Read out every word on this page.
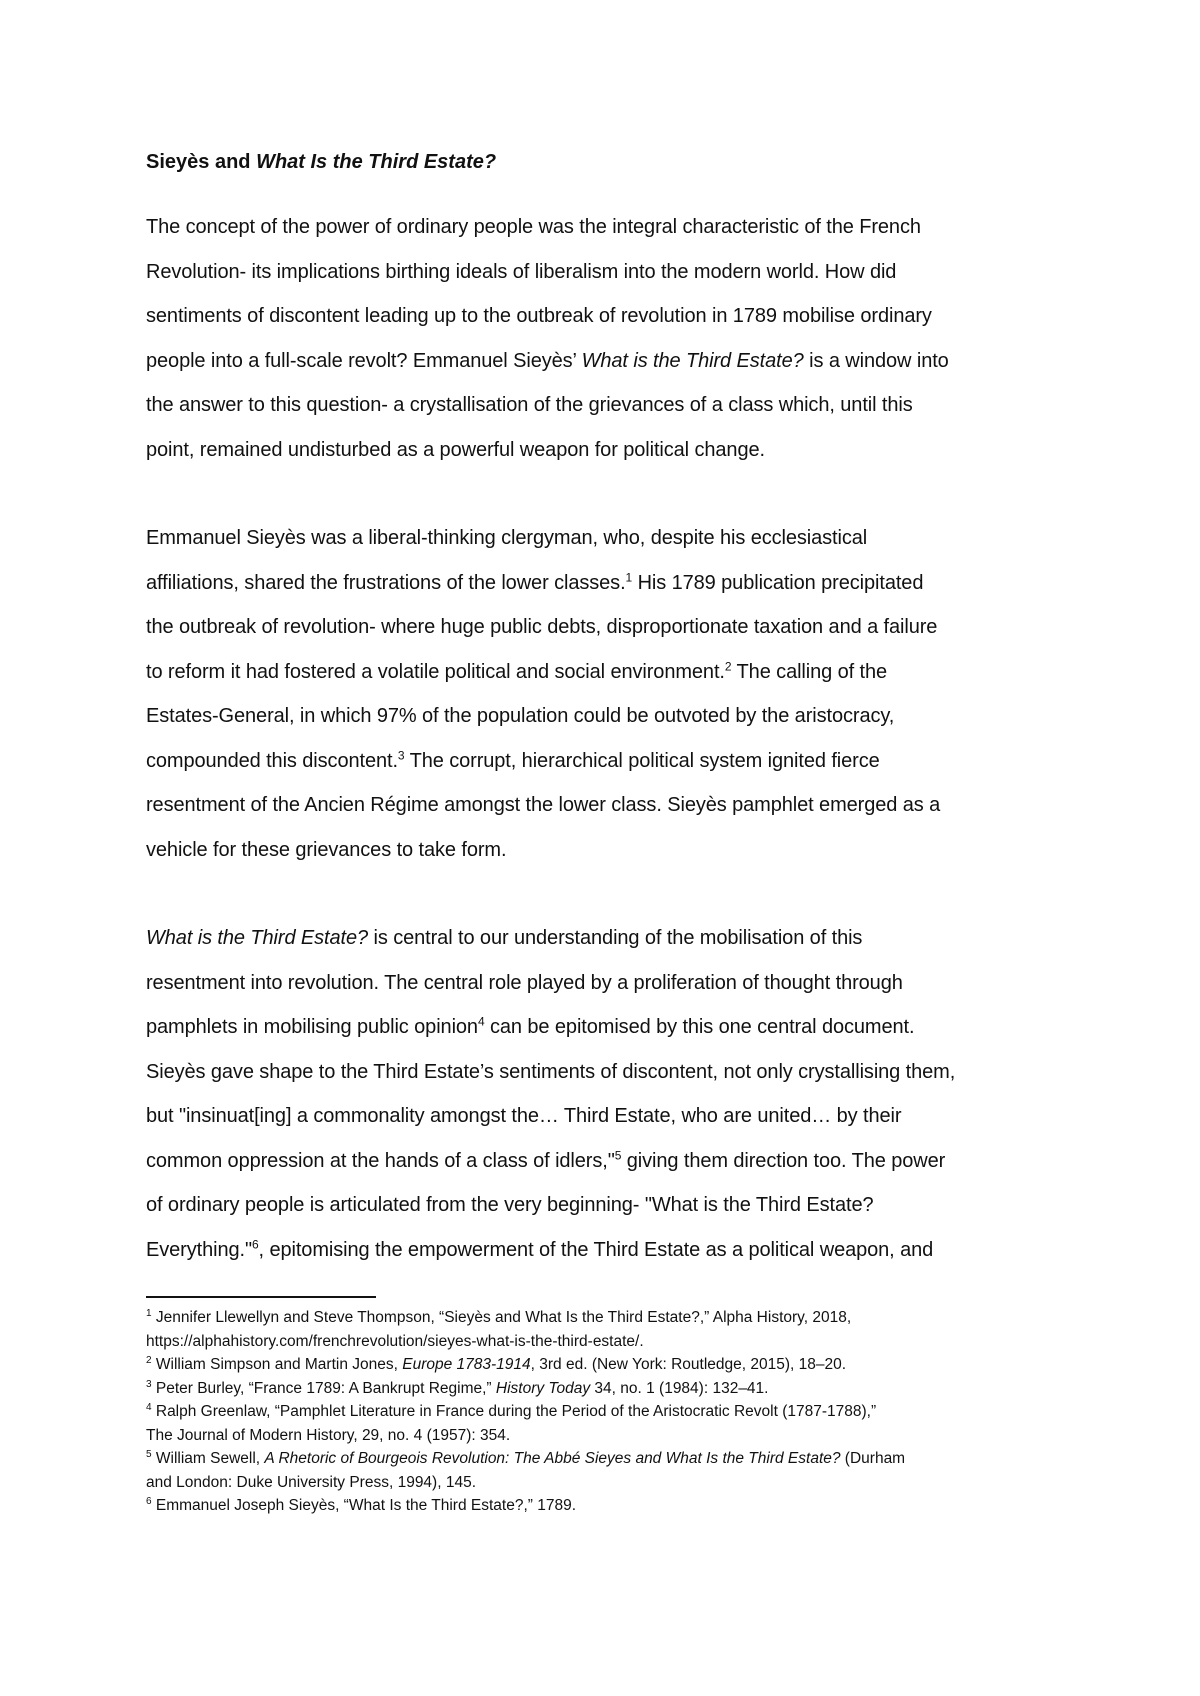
Sieyès and What Is the Third Estate?

The concept of the power of ordinary people was the integral characteristic of the French
Revolution- its implications birthing ideals of liberalism into the modern world. How did
sentiments of discontent leading up to the outbreak of revolution in 1789 mobilise ordinary
people into a full-scale revolt? Emmanuel Sieyès’ What is the Third Estate? is a window into
the answer to this question- a crystallisation of the grievances of a class which, until this
point, remained undisturbed as a powerful weapon for political change.

Emmanuel Sieyès was a liberal-thinking clergyman, who, despite his ecclesiastical
affiliations, shared the frustrations of the lower classes.$^1$ His 1789 publication precipitated
the outbreak of revolution- where huge public debts, disproportionate taxation and a failure
to reform it had fostered a volatile political and social environment.$^2$ The calling of the
Estates-General, in which 97% of the population could be outvoted by the aristocracy,
compounded this discontent.$^3$ The corrupt, hierarchical political system ignited fierce
resentment of the Ancien Régime amongst the lower class. Sieyès pamphlet emerged as a
vehicle for these grievances to take form.

What is the Third Estate? is central to our understanding of the mobilisation of this
resentment into revolution. The central role played by a proliferation of thought through
pamphlets in mobilising public opinion$^4$ can be epitomised by this one central document.
Sieyès gave shape to the Third Estate’s sentiments of discontent, not only crystallising them,
but "insinuat[ing] a commonality amongst the… Third Estate, who are united… by their
common oppression at the hands of a class of idlers,"$^5$ giving them direction too. The power
of ordinary people is articulated from the very beginning- "What is the Third Estate?
Everything."$^6$, epitomising the empowerment of the Third Estate as a political weapon, and

$^1$ Jennifer Llewellyn and Steve Thompson, “Sieyès and What Is the Third Estate?,” Alpha History, 2018,
https://alphahistory.com/frenchrevolution/sieyes-what-is-the-third-estate/.
$^2$ William Simpson and Martin Jones, Europe 1783-1914, 3rd ed. (New York: Routledge, 2015), 18–20.
$^3$ Peter Burley, “France 1789: A Bankrupt Regime,” History Today 34, no. 1 (1984): 132–41.
$^4$ Ralph Greenlaw, “Pamphlet Literature in France during the Period of the Aristocratic Revolt (1787-1788),”
The Journal of Modern History, 29, no. 4 (1957): 354.
$^5$ William Sewell, A Rhetoric of Bourgeois Revolution: The Abbé Sieyes and What Is the Third Estate? (Durham
and London: Duke University Press, 1994), 145.
$^6$ Emmanuel Joseph Sieyès, “What Is the Third Estate?,” 1789.
